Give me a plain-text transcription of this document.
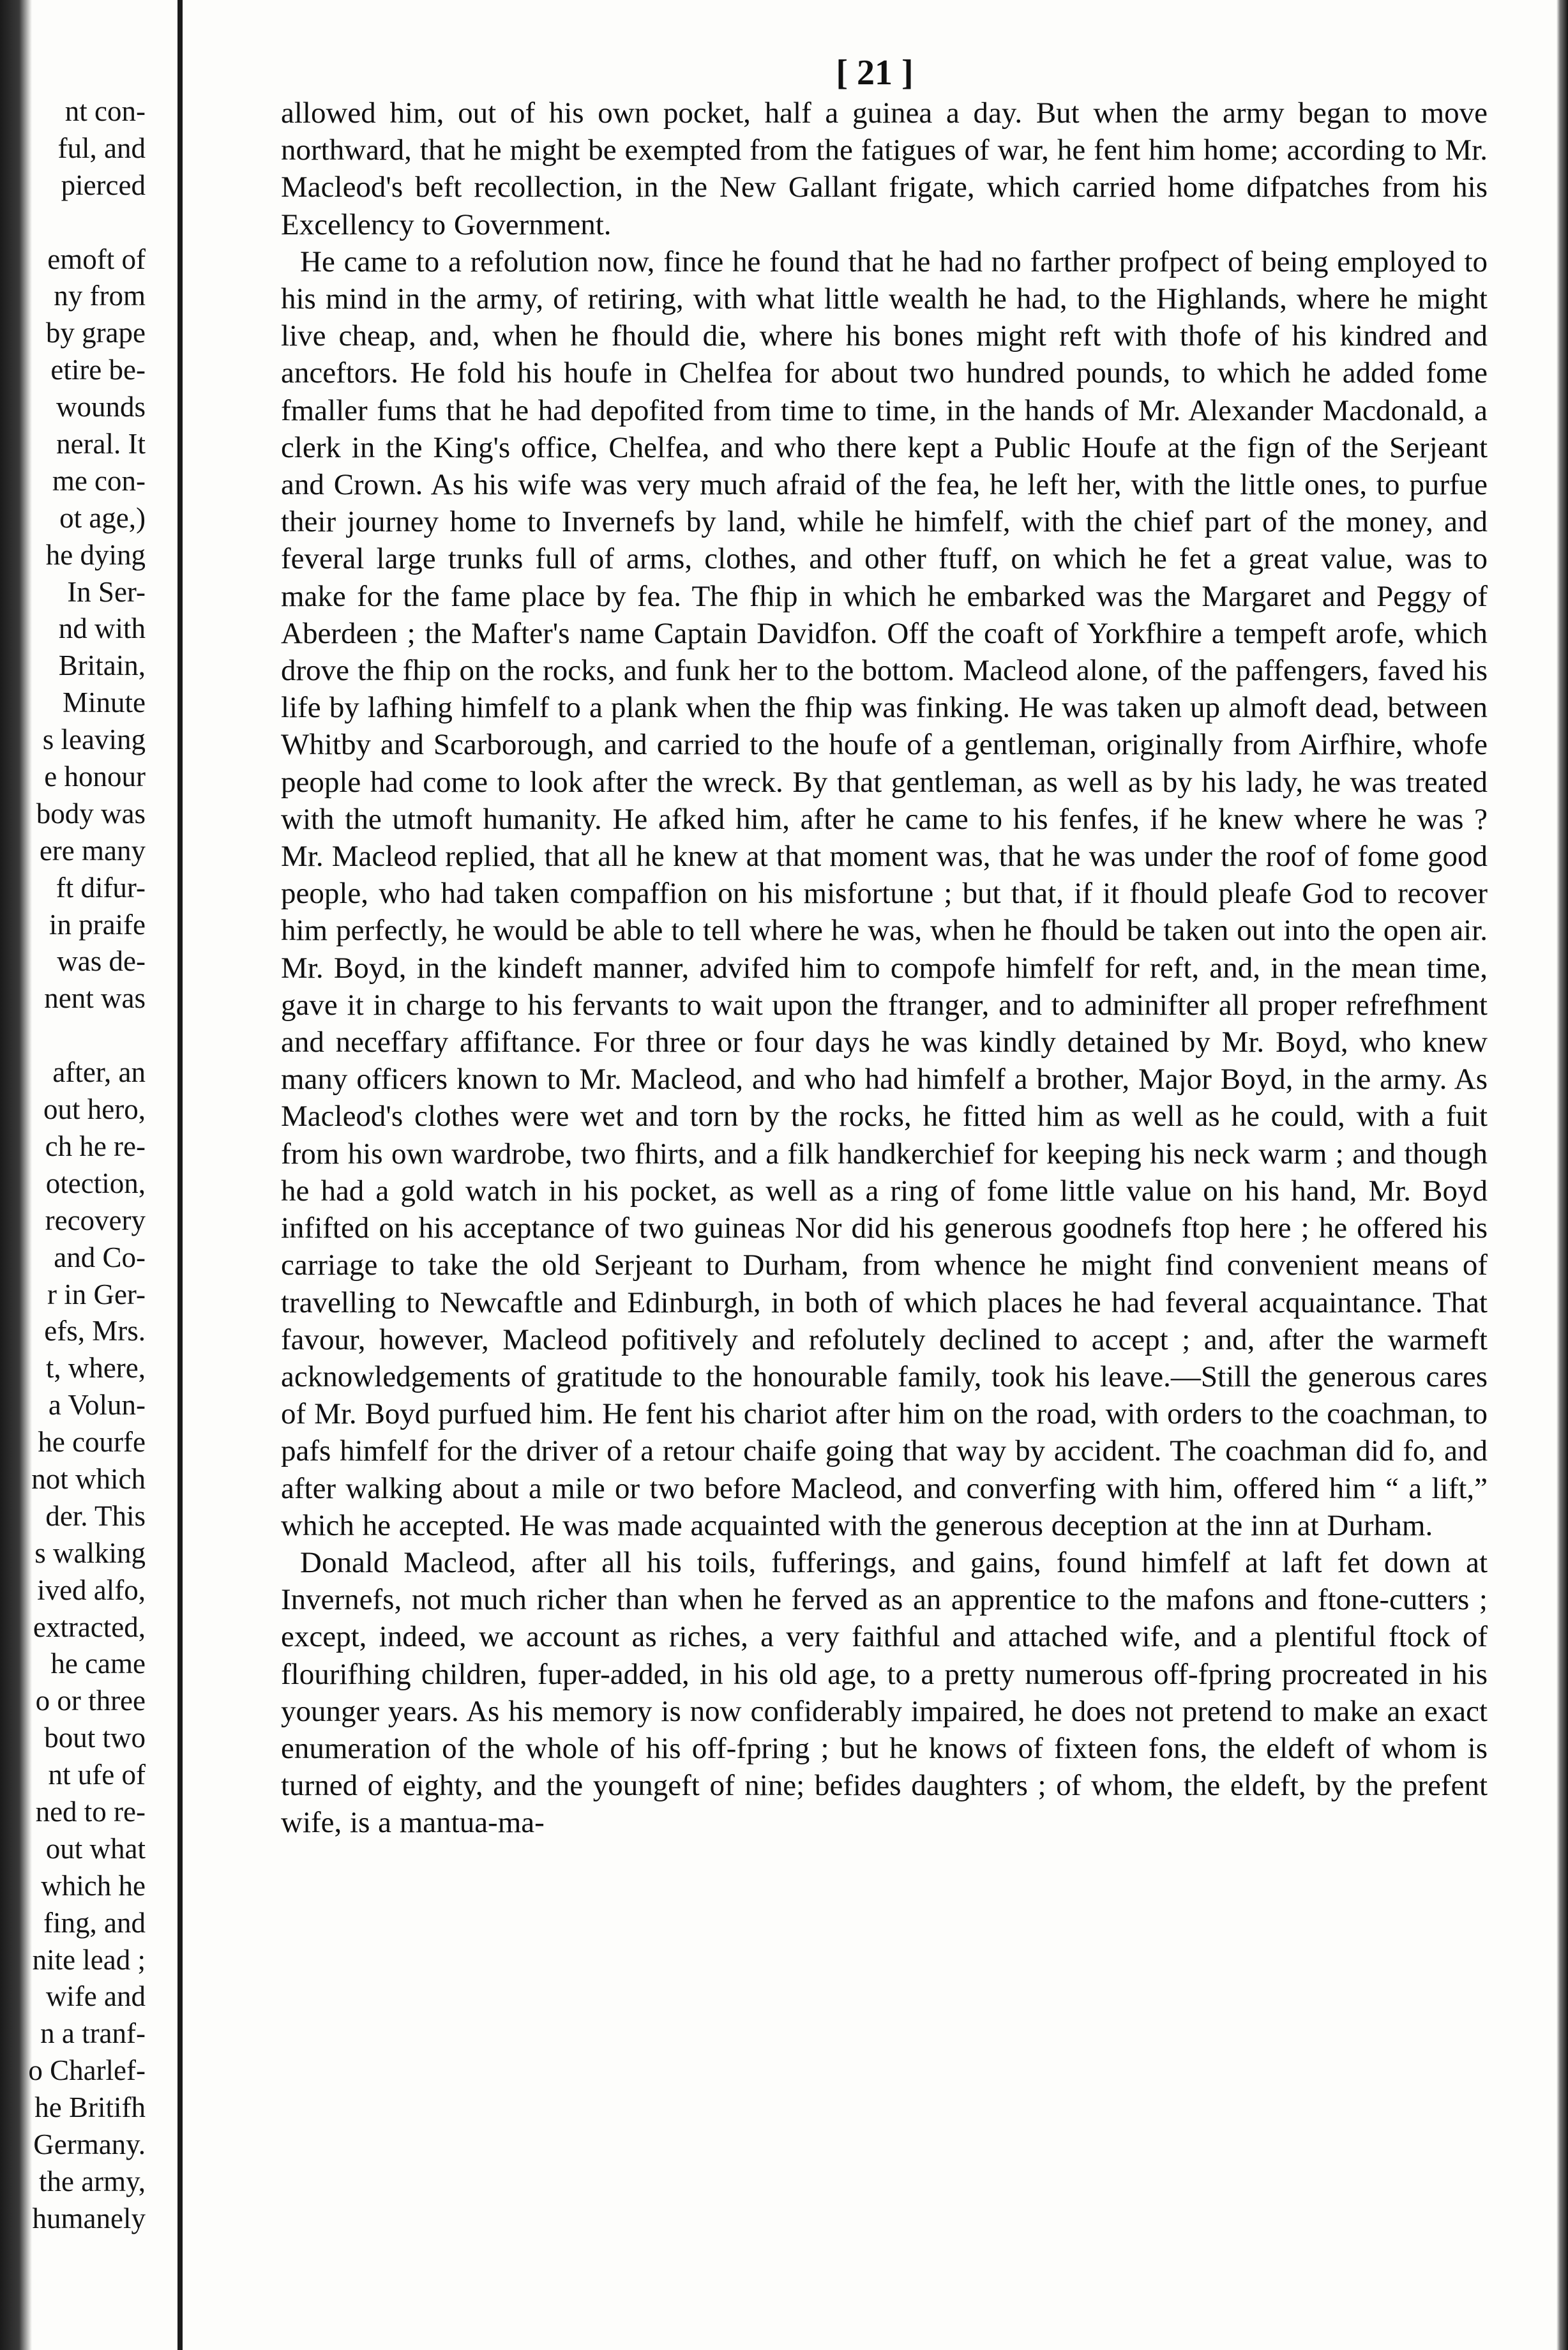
nt con-
ful, and
pierced
emoft of
ny from
by grape
etire be-
wounds
neral. It
me con-
ot age,)
he dying
In Ser-
nd with
Britain,
Minute
s leaving
e honour
body was
ere many
ft difur-
in praife
was de-
nent was
after, an
out hero,
ch he re-
otection,
recovery
and Co-
r in Ger-
efs, Mrs.
t, where,
a Volun-
he courfe
not which
der. This
s walking
ived alfo,
extracted,
he came
o or three
bout two
nt ufe of
ned to re-
out what
which he
fing, and
nite lead ;
wife and
n a tranf-
o Charlef-
he Britifh
Germany.
the army,
humanely
[ 21 ]

allowed him, out of his own pocket, half a guinea a day. But when the army began to move northward, that he might be exempted from the fatigues of war, he fent him home; according to Mr. Macleod's beft recollection, in the New Gallant frigate, which carried home difpatches from his Excellency to Government.

He came to a refolution now, fince he found that he had no farther profpect of being employed to his mind in the army, of retiring, with what little wealth he had, to the Highlands, where he might live cheap, and, when he fhould die, where his bones might reft with thofe of his kindred and anceftors. He fold his houfe in Chelfea for about two hundred pounds, to which he added fome fmaller fums that he had depofited from time to time, in the hands of Mr. Alexander Macdonald, a clerk in the King's office, Chelfea, and who there kept a Public Houfe at the fign of the Serjeant and Crown. As his wife was very much afraid of the fea, he left her, with the little ones, to purfue their journey home to Invernefs by land, while he himfelf, with the chief part of the money, and feveral large trunks full of arms, clothes, and other ftuff, on which he fet a great value, was to make for the fame place by fea. The fhip in which he embarked was the Margaret and Peggy of Aberdeen ; the Mafter's name Captain Davidfon. Off the coaft of Yorkfhire a tempeft arofe, which drove the fhip on the rocks, and funk her to the bottom. Macleod alone, of the paffengers, faved his life by lafhing himfelf to a plank when the fhip was finking. He was taken up almoft dead, between Whitby and Scarborough, and carried to the houfe of a gentleman, originally from Airfhire, whofe people had come to look after the wreck. By that gentleman, as well as by his lady, he was treated with the utmoft humanity. He afked him, after he came to his fenfes, if he knew where he was ? Mr. Macleod replied, that all he knew at that moment was, that he was under the roof of fome good people, who had taken compaffion on his misfortune ; but that, if it fhould pleafe God to recover him perfectly, he would be able to tell where he was, when he fhould be taken out into the open air. Mr. Boyd, in the kindeft manner, advifed him to compofe himfelf for reft, and, in the mean time, gave it in charge to his fervants to wait upon the ftranger, and to adminifter all proper refrefhment and neceffary affiftance. For three or four days he was kindly detained by Mr. Boyd, who knew many officers known to Mr. Macleod, and who had himfelf a brother, Major Boyd, in the army. As Macleod's clothes were wet and torn by the rocks, he fitted him as well as he could, with a fuit from his own wardrobe, two fhirts, and a filk handkerchief for keeping his neck warm ; and though he had a gold watch in his pocket, as well as a ring of fome little value on his hand, Mr. Boyd infifted on his acceptance of two guineas Nor did his generous goodnefs ftop here ; he offered his carriage to take the old Serjeant to Durham, from whence he might find convenient means of travelling to Newcaftle and Edinburgh, in both of which places he had feveral acquaintance. That favour, however, Macleod pofitively and refolutely declined to accept ; and, after the warmeft acknowledgements of gratitude to the honourable family, took his leave.—Still the generous cares of Mr. Boyd purfued him. He fent his chariot after him on the road, with orders to the coachman, to pafs himfelf for the driver of a retour chaife going that way by accident. The coachman did fo, and after walking about a mile or two before Macleod, and converfing with him, offered him “ a lift,” which he accepted. He was made acquainted with the generous deception at the inn at Durham.

Donald Macleod, after all his toils, fufferings, and gains, found himfelf at laft fet down at Invernefs, not much richer than when he ferved as an apprentice to the mafons and ftone-cutters ; except, indeed, we account as riches, a very faithful and attached wife, and a plentiful ftock of flourifhing children, fuper-added, in his old age, to a pretty numerous off-fpring procreated in his younger years. As his memory is now confiderably impaired, he does not pretend to make an exact enumeration of the whole of his off-fpring ; but he knows of fixteen fons, the eldeft of whom is turned of eighty, and the youngeft of nine; befides daughters ; of whom, the eldeft, by the prefent wife, is a mantua-ma-
